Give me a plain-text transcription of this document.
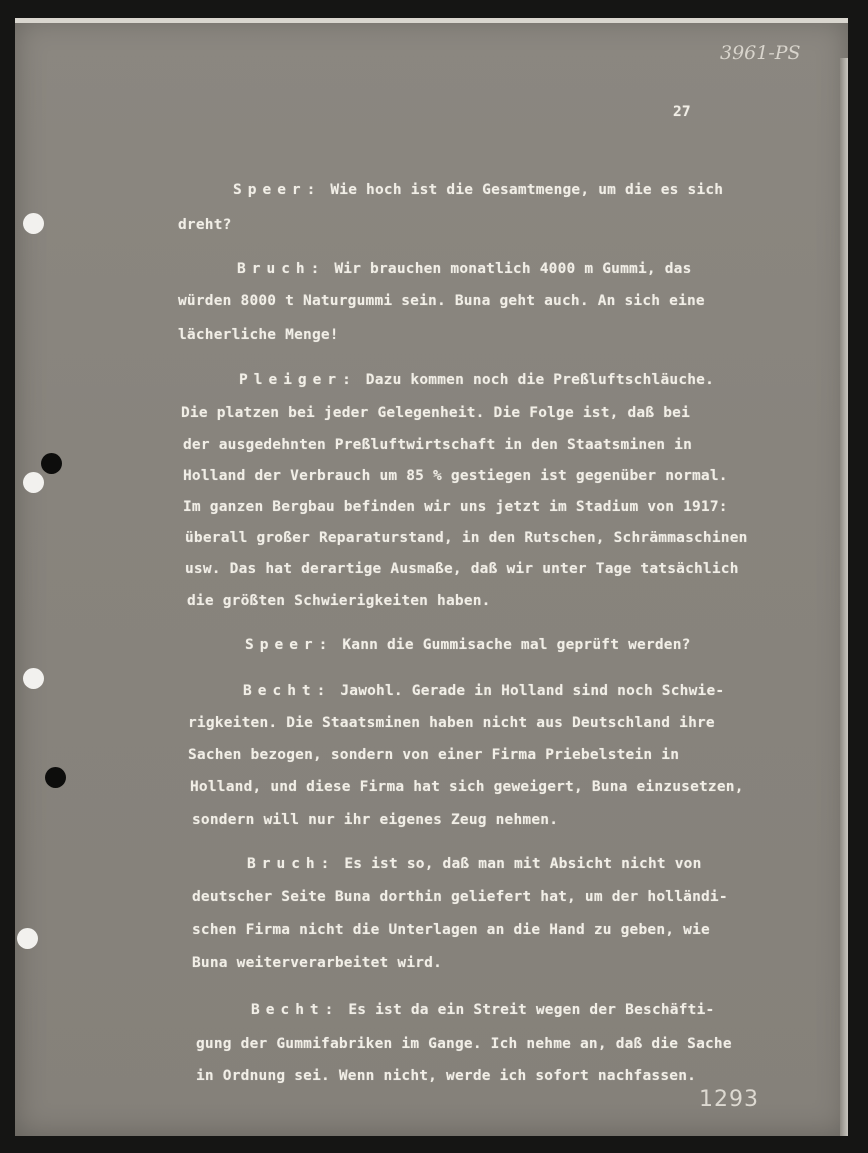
3961-PS
27
Speer: Wie hoch ist die Gesamtmenge, um die es sich
dreht?
Bruch: Wir brauchen monatlich 4000 m Gummi, das
würden 8000 t Naturgummi sein. Buna geht auch. An sich eine
lächerliche Menge!
Pleiger: Dazu kommen noch die Preßluftschläuche.
Die platzen bei jeder Gelegenheit. Die Folge ist, daß bei
der ausgedehnten Preßluftwirtschaft in den Staatsminen in
Holland der Verbrauch um 85 % gestiegen ist gegenüber normal.
Im ganzen Bergbau befinden wir uns jetzt im Stadium von 1917:
überall großer Reparaturstand, in den Rutschen, Schrämmaschinen
usw. Das hat derartige Ausmaße, daß wir unter Tage tatsächlich
die größten Schwierigkeiten haben.
Speer: Kann die Gummisache mal geprüft werden?
Becht: Jawohl. Gerade in Holland sind noch Schwie-
rigkeiten. Die Staatsminen haben nicht aus Deutschland ihre
Sachen bezogen, sondern von einer Firma Priebelstein in
Holland, und diese Firma hat sich geweigert, Buna einzusetzen,
sondern will nur ihr eigenes Zeug nehmen.
Bruch: Es ist so, daß man mit Absicht nicht von
deutscher Seite Buna dorthin geliefert hat, um der holländi-
schen Firma nicht die Unterlagen an die Hand zu geben, wie
Buna weiterverarbeitet wird.
Becht: Es ist da ein Streit wegen der Beschäfti-
gung der Gummifabriken im Gange. Ich nehme an, daß die Sache
in Ordnung sei. Wenn nicht, werde ich sofort nachfassen.
1293
